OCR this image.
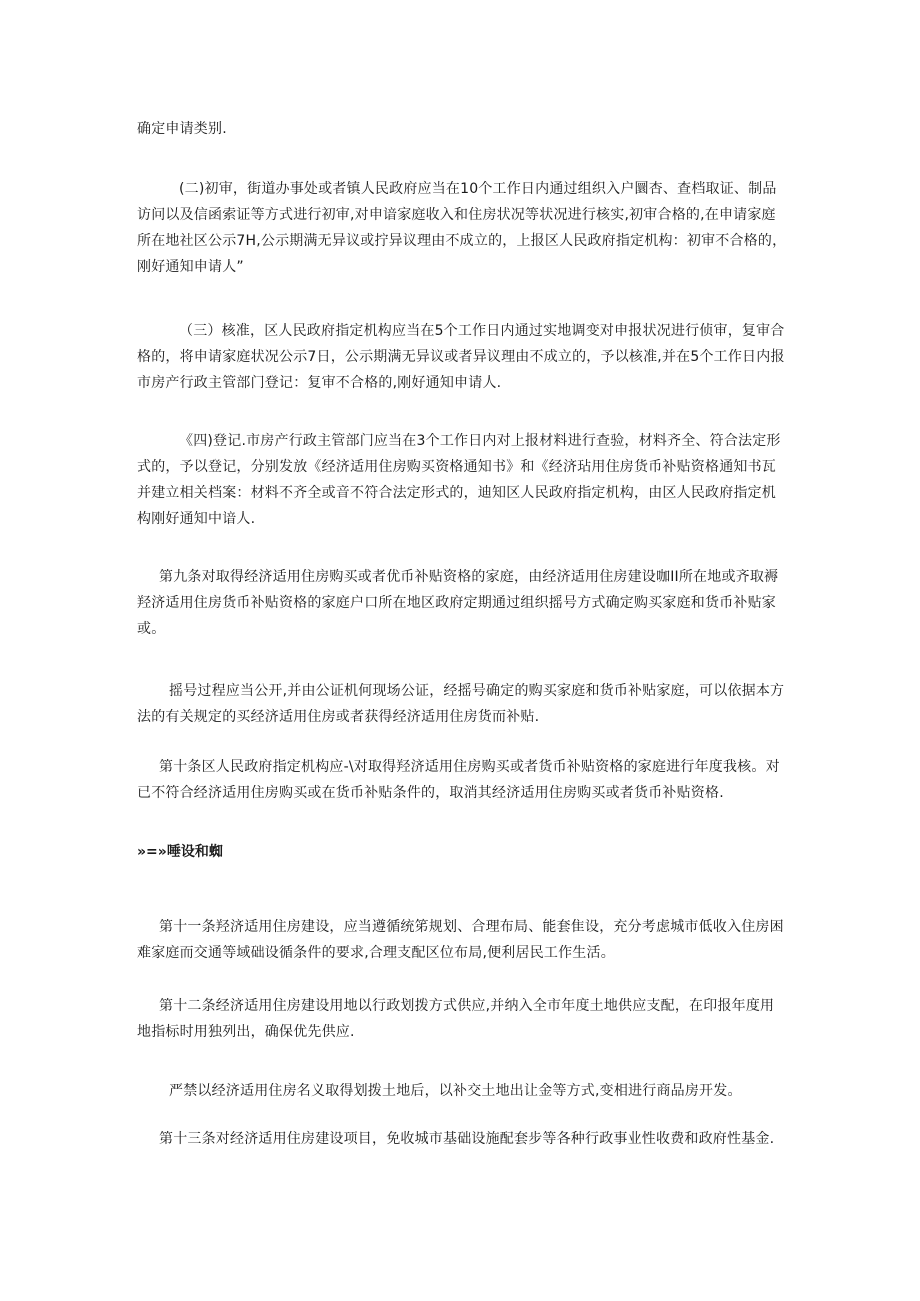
确定申请类别.

(二)初审，街道办事处或者镇人民政府应当在10个工作日内通过组织入户圜杏、查档取证、制品访问以及信函索证等方式进行初审,对申谙家庭收入和住房状况等状况进行核实,初审合格的,在申请家庭所在地社区公示7H,公示期满无异议或拧异议理由不成立的，上报区人民政府指定机构：初审不合格的，刚好通知申请人”

（三）核准，区人民政府指定机构应当在5个工作日内通过实地调变对申报状况进行侦审，复审合格的，将申请家庭状况公示7日，公示期满无异议或者异议理由不成立的，予以核准,并在5个工作日内报市房产行政主管部门登记：复审不合格的,刚好通知申请人.

《四)登记.市房产行政主管部门应当在3个工作日内对上报材料进行查验，材料齐全、符合法定形式的，予以登记，分别发放《经济适用住房购买资格通知书》和《经济玷用住房货币补贴资格通知书瓦并建立相关档案：材料不齐全或音不符合法定形式的，迪知区人民政府指定机构，由区人民政府指定机构刚好通知中谙人.

第九条对取得经济适用住房购买或者优币补贴资格的家庭，由经济适用住房建设咖II所在地或齐取褥羟济适用住房货币补贴资格的家庭户口所在地区政府定期通过组织摇号方式确定购买家庭和货币补贴家或。

摇号过程应当公开,并由公证机何现场公证，经摇号确定的购买家庭和货币补贴家庭，可以依据本方法的有关规定的买经济适用住房或者获得经济适用住房货而补贴.

第十条区人民政府指定机构应-\对取得羟济适用住房购买或者货币补贴资格的家庭进行年度我核。对已不符合经济适用住房购买或在货币补贴条件的，取消其经济适用住房购买或者货币补贴资格.

»=»唾设和蜘

第十一条羟济适用住房建设，应当遵循统笫规划、合理布局、能套隹设，充分考虑城市低收入住房困难家庭而交通等域础设循条件的要求,合理支配区位布局,便利居民工作生活。

第十二条经济适用住房建设用地以行政划拨方式供应,并纳入全市年度土地供应支配，在印报年度用地指标时用独列出，确保优先供应.

严禁以经济适用住房名义取得划拨土地后，以补交土地出让金等方式,变相进行商品房开发。

第十三条对经济适用住房建设项目，免收城市基础设施配套步等各种行政事业性收费和政府性基金.
